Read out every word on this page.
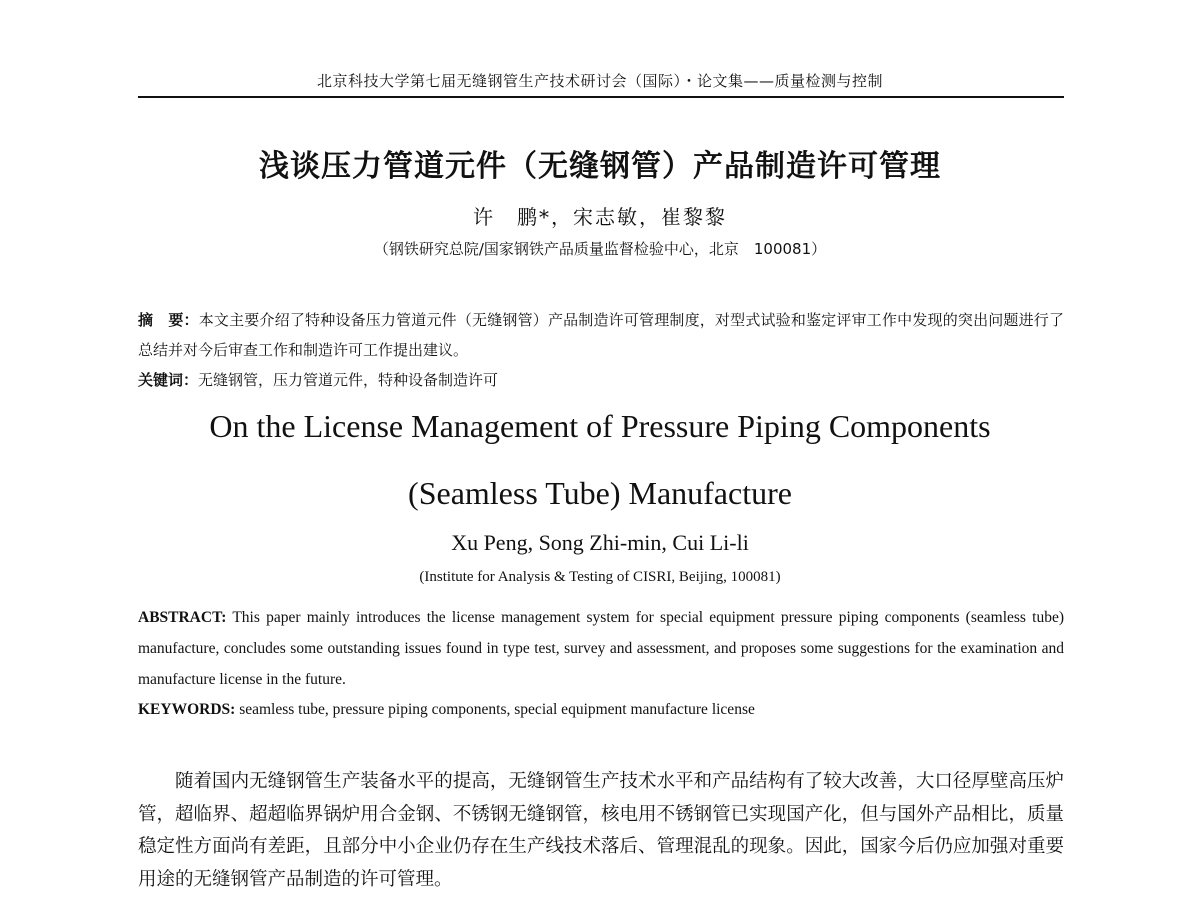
北京科技大学第七届无缝钢管生产技术研讨会（国际）・论文集——质量检测与控制
浅谈压力管道元件（无缝钢管）产品制造许可管理
许　鹏*，宋志敏，崔黎黎
（钢铁研究总院/国家钢铁产品质量监督检验中心，北京　100081）
摘　要：本文主要介绍了特种设备压力管道元件（无缝钢管）产品制造许可管理制度，对型式试验和鉴定评审工作中发现的突出问题进行了总结并对今后审查工作和制造许可工作提出建议。
关键词：无缝钢管，压力管道元件，特种设备制造许可
On the License Management of Pressure Piping Components
(Seamless Tube) Manufacture
Xu Peng, Song Zhi-min, Cui Li-li
(Institute for Analysis & Testing of CISRI, Beijing, 100081)
ABSTRACT: This paper mainly introduces the license management system for special equipment pressure piping components (seamless tube) manufacture, concludes some outstanding issues found in type test, survey and assessment, and proposes some suggestions for the examination and manufacture license in the future.
KEYWORDS: seamless tube, pressure piping components, special equipment manufacture license
随着国内无缝钢管生产装备水平的提高，无缝钢管生产技术水平和产品结构有了较大改善，大口径厚壁高压炉管，超临界、超超临界锅炉用合金钢、不锈钢无缝钢管，核电用不锈钢管已实现国产化，但与国外产品相比，质量稳定性方面尚有差距，且部分中小企业仍存在生产线技术落后、管理混乱的现象。因此，国家今后仍应加强对重要用途的无缝钢管产品制造的许可管理。
